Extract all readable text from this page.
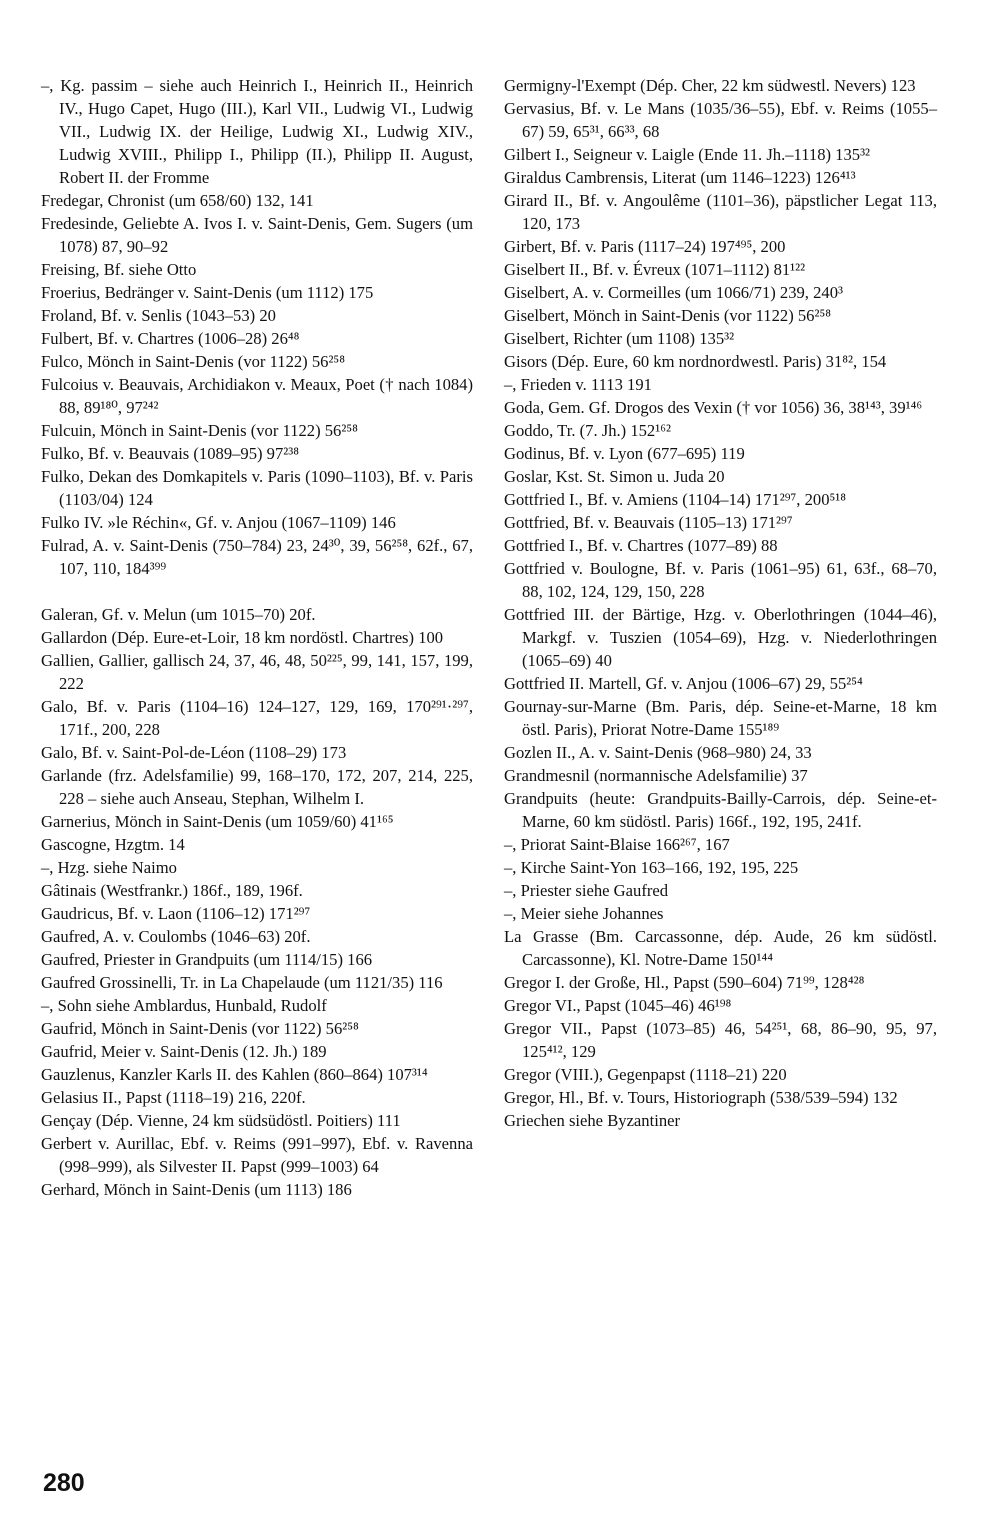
–, Kg. passim – siehe auch Heinrich I., Heinrich II., Heinrich IV., Hugo Capet, Hugo (III.), Karl VII., Ludwig VI., Ludwig VII., Ludwig IX. der Heilige, Ludwig XI., Ludwig XIV., Ludwig XVIII., Philipp I., Philipp (II.), Philipp II. August, Robert II. der Fromme

Fredegar, Chronist (um 658/60) 132, 141

Fredesinde, Geliebte A. Ivos I. v. Saint-Denis, Gem. Sugers (um 1078) 87, 90–92

Freising, Bf. siehe Otto

Froerius, Bedränger v. Saint-Denis (um 1112) 175

Froland, Bf. v. Senlis (1043–53) 20

Fulbert, Bf. v. Chartres (1006–28) 26⁴⁸

Fulco, Mönch in Saint-Denis (vor 1122) 56²⁵⁸

Fulcoius v. Beauvais, Archidiakon v. Meaux, Poet († nach 1084) 88, 89¹⁸⁰, 97²⁴²

Fulcuin, Mönch in Saint-Denis (vor 1122) 56²⁵⁸

Fulko, Bf. v. Beauvais (1089–95) 97²³⁸

Fulko, Dekan des Domkapitels v. Paris (1090–1103), Bf. v. Paris (1103/04) 124

Fulko IV. »le Réchin«, Gf. v. Anjou (1067–1109) 146

Fulrad, A. v. Saint-Denis (750–784) 23, 24³⁰, 39, 56²⁵⁸, 62f., 67, 107, 110, 184³⁹⁹

Galeran, Gf. v. Melun (um 1015–70) 20f.

Gallardon (Dép. Eure-et-Loir, 18 km nordöstl. Chartres) 100

Gallien, Gallier, gallisch 24, 37, 46, 48, 50²²⁵, 99, 141, 157, 199, 222

Galo, Bf. v. Paris (1104–16) 124–127, 129, 169, 170²⁹¹·²⁹⁷, 171f., 200, 228

Galo, Bf. v. Saint-Pol-de-Léon (1108–29) 173

Garlande (frz. Adelsfamilie) 99, 168–170, 172, 207, 214, 225, 228 – siehe auch Anseau, Stephan, Wilhelm I.

Garnerius, Mönch in Saint-Denis (um 1059/60) 41¹⁶⁵

Gascogne, Hzgtm. 14

–, Hzg. siehe Naimo

Gâtinais (Westfrankr.) 186f., 189, 196f.

Gaudricus, Bf. v. Laon (1106–12) 171²⁹⁷

Gaufred, A. v. Coulombs (1046–63) 20f.

Gaufred, Priester in Grandpuits (um 1114/15) 166

Gaufred Grossinelli, Tr. in La Chapelaude (um 1121/35) 116

–, Sohn siehe Amblardus, Hunbald, Rudolf

Gaufrid, Mönch in Saint-Denis (vor 1122) 56²⁵⁸

Gaufrid, Meier v. Saint-Denis (12. Jh.) 189

Gauzlenus, Kanzler Karls II. des Kahlen (860–864) 107³¹⁴

Gelasius II., Papst (1118–19) 216, 220f.

Gençay (Dép. Vienne, 24 km südsüdöstl. Poitiers) 111

Gerbert v. Aurillac, Ebf. v. Reims (991–997), Ebf. v. Ravenna (998–999), als Silvester II. Papst (999–1003) 64

Gerhard, Mönch in Saint-Denis (um 1113) 186

Germigny-l'Exempt (Dép. Cher, 22 km südwestl. Nevers) 123

Gervasius, Bf. v. Le Mans (1035/36–55), Ebf. v. Reims (1055–67) 59, 65³¹, 66³³, 68

Gilbert I., Seigneur v. Laigle (Ende 11. Jh.–1118) 135³²

Giraldus Cambrensis, Literat (um 1146–1223) 126⁴¹³

Girard II., Bf. v. Angoulême (1101–36), päpstlicher Legat 113, 120, 173

Girbert, Bf. v. Paris (1117–24) 197⁴⁹⁵, 200

Giselbert II., Bf. v. Évreux (1071–1112) 81¹²²

Giselbert, A. v. Cormeilles (um 1066/71) 239, 240³

Giselbert, Mönch in Saint-Denis (vor 1122) 56²⁵⁸

Giselbert, Richter (um 1108) 135³²

Gisors (Dép. Eure, 60 km nordnordwestl. Paris) 31⁸², 154

–, Frieden v. 1113 191

Goda, Gem. Gf. Drogos des Vexin († vor 1056) 36, 38¹⁴³, 39¹⁴⁶

Goddo, Tr. (7. Jh.) 152¹⁶²

Godinus, Bf. v. Lyon (677–695) 119

Goslar, Kst. St. Simon u. Juda 20

Gottfried I., Bf. v. Amiens (1104–14) 171²⁹⁷, 200⁵¹⁸

Gottfried, Bf. v. Beauvais (1105–13) 171²⁹⁷

Gottfried I., Bf. v. Chartres (1077–89) 88

Gottfried v. Boulogne, Bf. v. Paris (1061–95) 61, 63f., 68–70, 88, 102, 124, 129, 150, 228

Gottfried III. der Bärtige, Hzg. v. Oberlothringen (1044–46), Markgf. v. Tuszien (1054–69), Hzg. v. Niederlothringen (1065–69) 40

Gottfried II. Martell, Gf. v. Anjou (1006–67) 29, 55²⁵⁴

Gournay-sur-Marne (Bm. Paris, dép. Seine-et-Marne, 18 km östl. Paris), Priorat Notre-Dame 155¹⁸⁹

Gozlen II., A. v. Saint-Denis (968–980) 24, 33

Grandmesnil (normannische Adelsfamilie) 37

Grandpuits (heute: Grandpuits-Bailly-Carrois, dép. Seine-et-Marne, 60 km südöstl. Paris) 166f., 192, 195, 241f.

–, Priorat Saint-Blaise 166²⁶⁷, 167

–, Kirche Saint-Yon 163–166, 192, 195, 225

–, Priester siehe Gaufred

–, Meier siehe Johannes

La Grasse (Bm. Carcassonne, dép. Aude, 26 km südöstl. Carcassonne), Kl. Notre-Dame 150¹⁴⁴

Gregor I. der Große, Hl., Papst (590–604) 71⁹⁹, 128⁴²⁸

Gregor VI., Papst (1045–46) 46¹⁹⁸

Gregor VII., Papst (1073–85) 46, 54²⁵¹, 68, 86–90, 95, 97, 125⁴¹², 129

Gregor (VIII.), Gegenpapst (1118–21) 220

Gregor, Hl., Bf. v. Tours, Historiograph (538/539–594) 132

Griechen siehe Byzantiner

280
